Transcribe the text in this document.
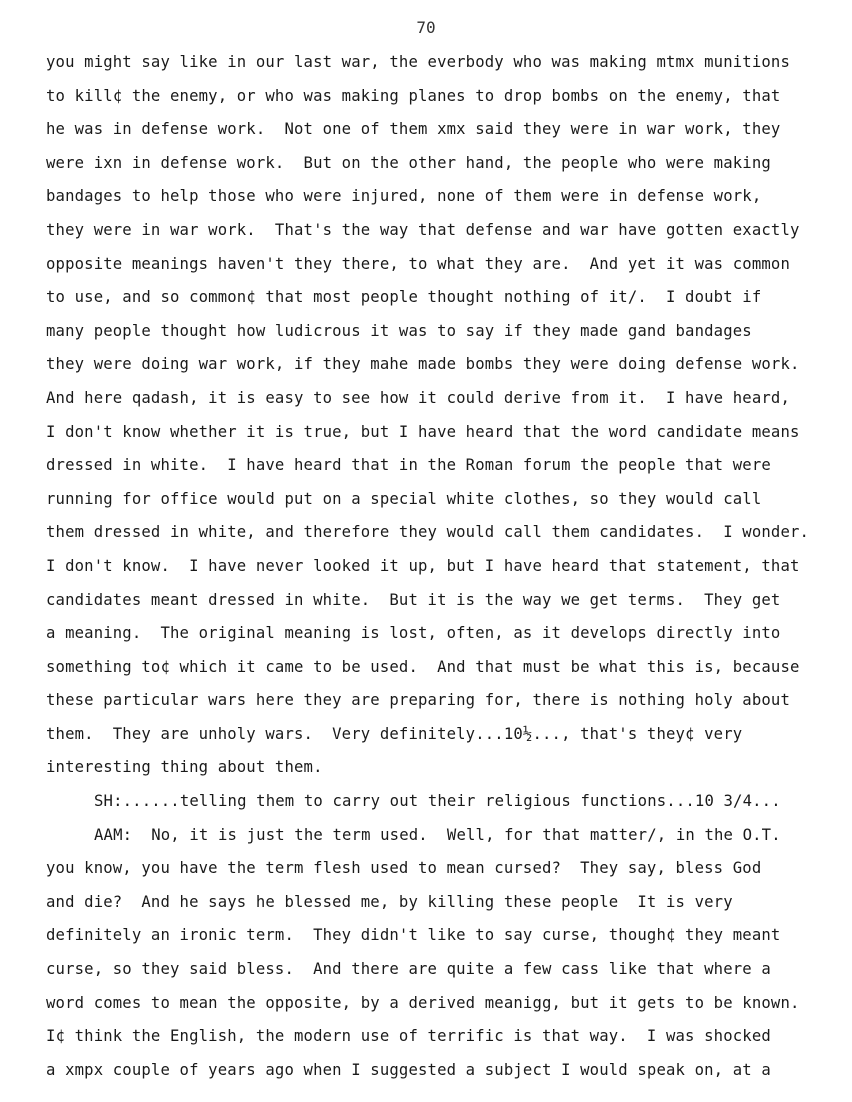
70
you might say like in our last war, the everbody who was making mtmx munitions
to kill¢ the enemy, or who was making planes to drop bombs on the enemy, that
he was in defense work.  Not one of them xmx said they were in war work, they
were ixn in defense work.  But on the other hand, the people who were making
bandages to help those who were injured, none of them were in defense work,
they were in war work.  That's the way that defense and war have gotten exactly
opposite meanings haven't they there, to what they are.  And yet it was common
to use, and so common¢ that most people thought nothing of it/.  I doubt if
many people thought how ludicrous it was to say if they made gand bandages
they were doing war work, if they mahe made bombs they were doing defense work.
And here qadash, it is easy to see how it could derive from it.  I have heard,
I don't know whether it is true, but I have heard that the word candidate means
dressed in white.  I have heard that in the Roman forum the people that were
running for office would put on a special white clothes, so they would call
them dressed in white, and therefore they would call them candidates.  I wonder.
I don't know.  I have never looked it up, but I have heard that statement, that
candidates meant dressed in white.  But it is the way we get terms.  They get
a meaning.  The original meaning is lost, often, as it develops directly into
something to¢ which it came to be used.  And that must be what this is, because
these particular wars here they are preparing for, there is nothing holy about
them.  They are unholy wars.  Very definitely...10½..., that's they¢ very
interesting thing about them.
SH:......telling them to carry out their religious functions...10 3/4...
AAM:  No, it is just the term used.  Well, for that matter/, in the O.T.
you know, you have the term flesh used to mean cursed?  They say, bless God
and die?  And he says he blessed me, by killing these people  It is very
definitely an ironic term.  They didn't like to say curse, though¢ they meant
curse, so they said bless.  And there are quite a few cass like that where a
word comes to mean the opposite, by a derived meanigg, but it gets to be known.
I¢ think the English, the modern use of terrific is that way.  I was shocked
a xmpx couple of years ago when I suggested a subject I would speak on, at a
